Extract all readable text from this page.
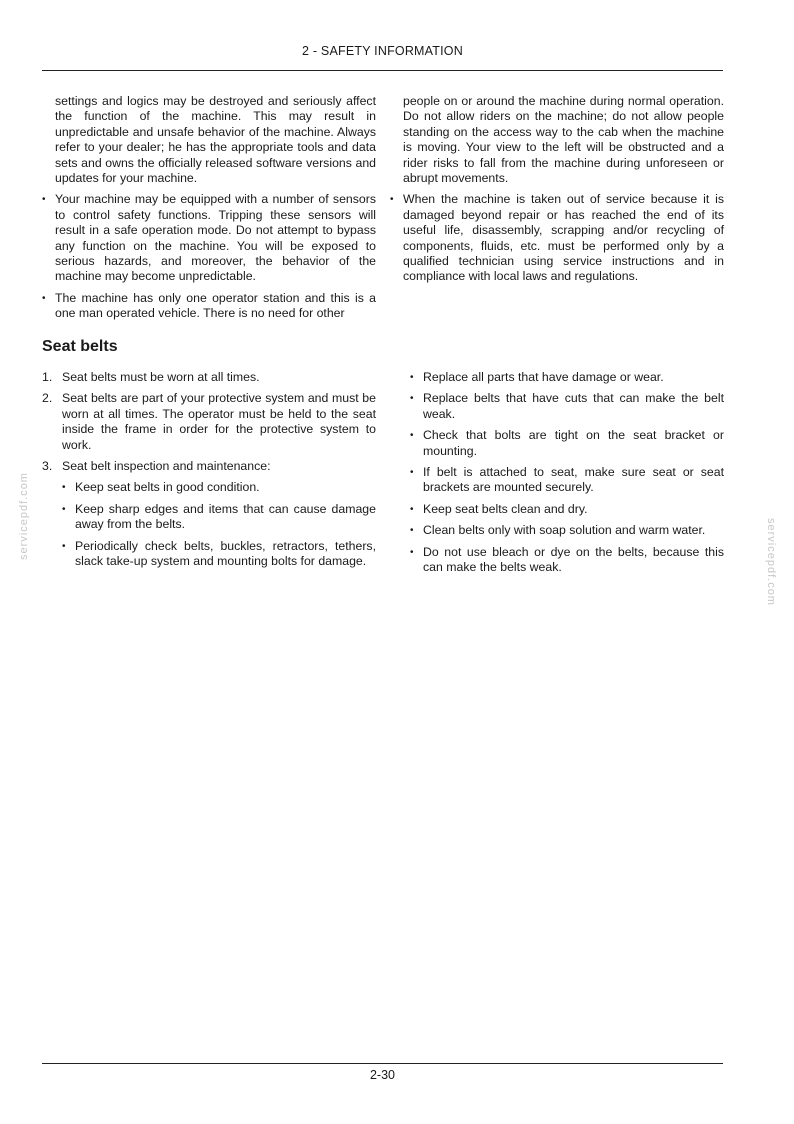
2 - SAFETY INFORMATION
settings and logics may be destroyed and seriously affect the function of the machine. This may result in unpredictable and unsafe behavior of the machine. Always refer to your dealer; he has the appropriate tools and data sets and owns the officially released software versions and updates for your machine.
• Your machine may be equipped with a number of sensors to control safety functions. Tripping these sensors will result in a safe operation mode. Do not attempt to bypass any function on the machine. You will be exposed to serious hazards, and moreover, the behavior of the machine may become unpredictable.
• The machine has only one operator station and this is a one man operated vehicle. There is no need for other
people on or around the machine during normal operation. Do not allow riders on the machine; do not allow people standing on the access way to the cab when the machine is moving. Your view to the left will be obstructed and a rider risks to fall from the machine during unforeseen or abrupt movements.
• When the machine is taken out of service because it is damaged beyond repair or has reached the end of its useful life, disassembly, scrapping and/or recycling of components, fluids, etc. must be performed only by a qualified technician using service instructions and in compliance with local laws and regulations.
Seat belts
1. Seat belts must be worn at all times.
2. Seat belts are part of your protective system and must be worn at all times. The operator must be held to the seat inside the frame in order for the protective system to work.
3. Seat belt inspection and maintenance:
• Keep seat belts in good condition.
• Keep sharp edges and items that can cause damage away from the belts.
• Periodically check belts, buckles, retractors, tethers, slack take-up system and mounting bolts for damage.
• Replace all parts that have damage or wear.
• Replace belts that have cuts that can make the belt weak.
• Check that bolts are tight on the seat bracket or mounting.
• If belt is attached to seat, make sure seat or seat brackets are mounted securely.
• Keep seat belts clean and dry.
• Clean belts only with soap solution and warm water.
• Do not use bleach or dye on the belts, because this can make the belts weak.
servicepdf.com
servicepdf.com
2-30
